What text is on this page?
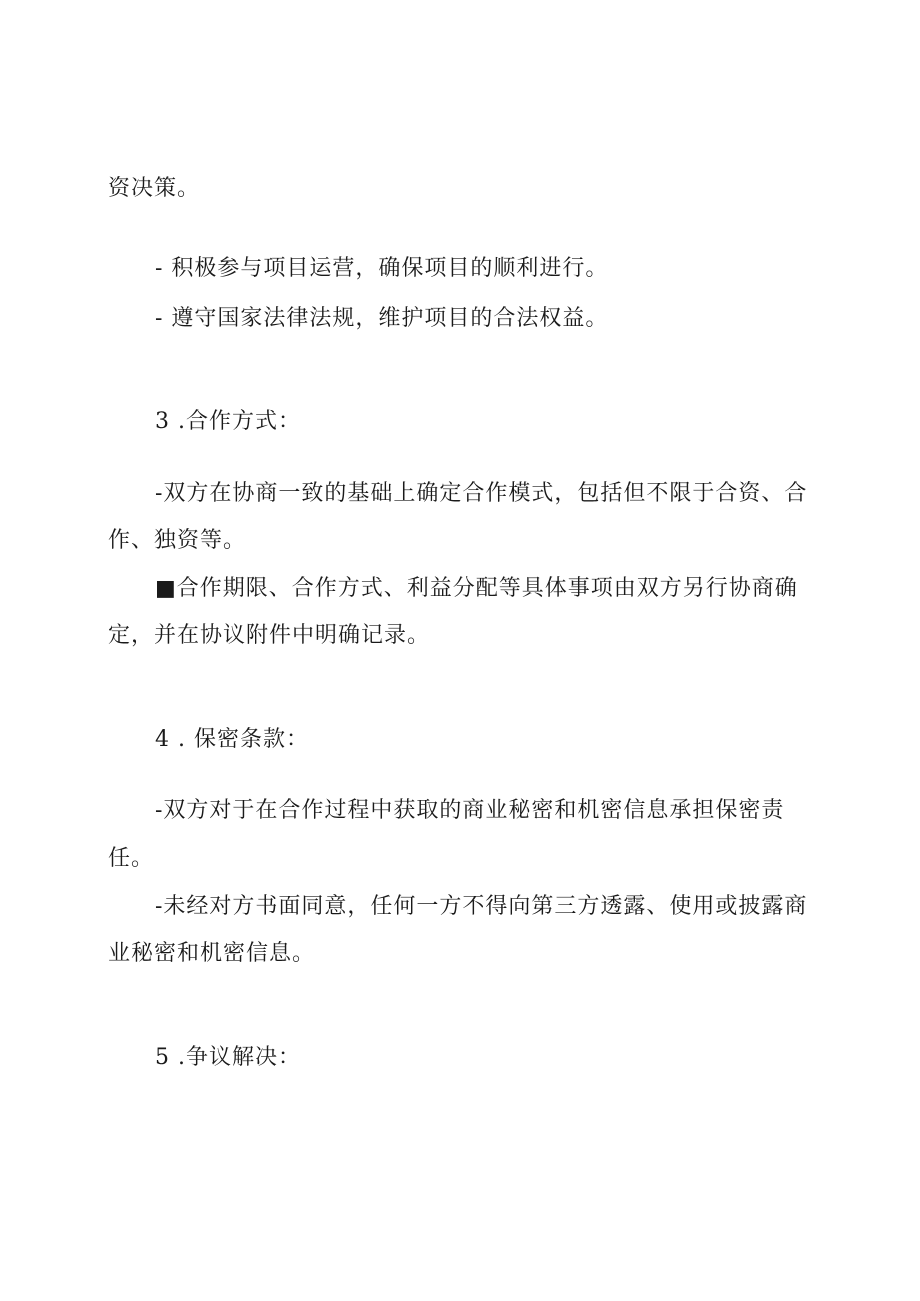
资决策。
- 积极参与项目运营，确保项目的顺利进行。
- 遵守国家法律法规，维护项目的合法权益。
3 .合作方式：
-双方在协商一致的基础上确定合作模式，包括但不限于合资、合
作、独资等。
■合作期限、合作方式、利益分配等具体事项由双方另行协商确
定，并在协议附件中明确记录。
4 . 保密条款：
-双方对于在合作过程中获取的商业秘密和机密信息承担保密责
任。
-未经对方书面同意，任何一方不得向第三方透露、使用或披露商
业秘密和机密信息。
5 .争议解决：
